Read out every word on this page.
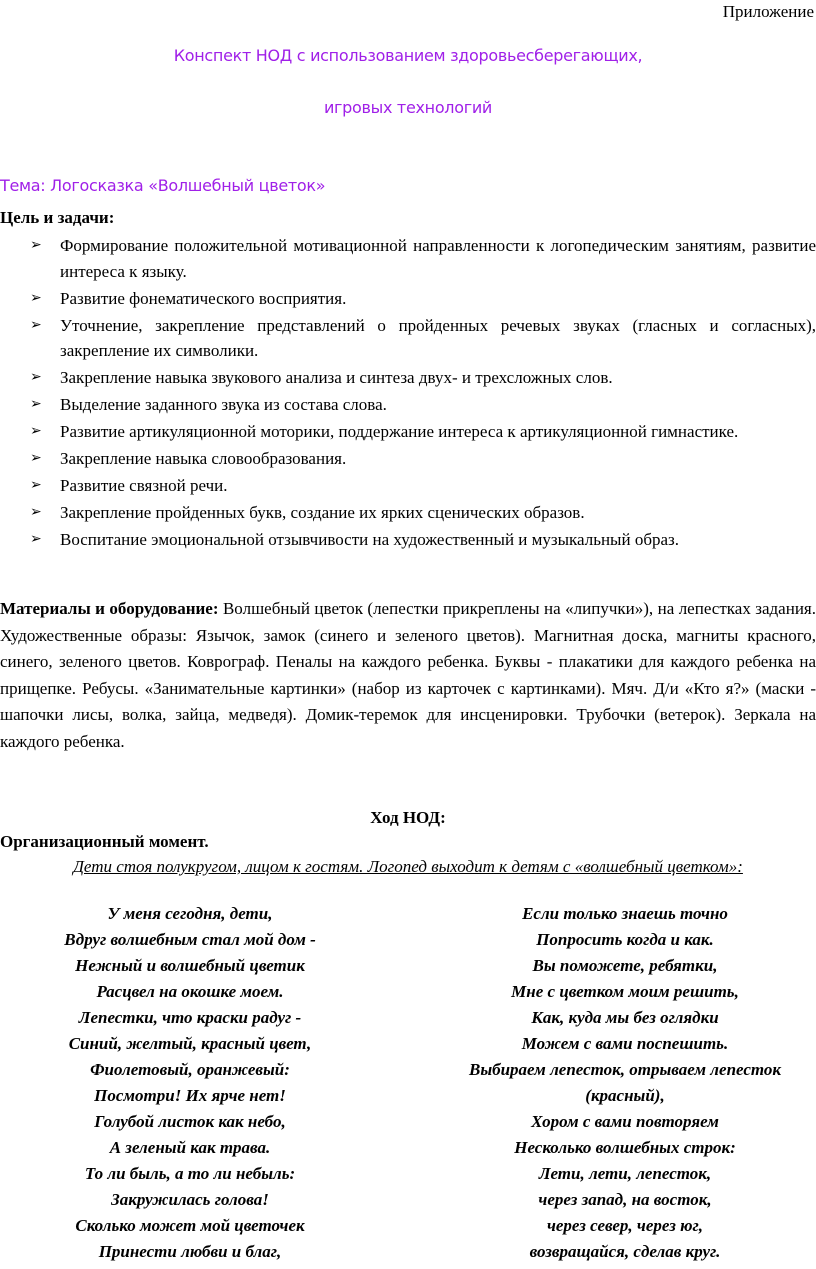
Приложение
Конспект НОД с использованием здоровьесберегающих,
игровых технологий
Тема: Логосказка «Волшебный цветок»
Цель и задачи:
➢ Формирование положительной мотивационной направленности к логопедическим занятиям, развитие интереса к языку.
➢ Развитие фонематического восприятия.
➢ Уточнение, закрепление представлений о пройденных речевых звуках (гласных и согласных), закрепление их символики.
➢ Закрепление навыка звукового анализа и синтеза двух- и трехсложных слов.
➢ Выделение заданного звука из состава слова.
➢ Развитие артикуляционной моторики, поддержание интереса к артикуляционной гимнастике.
➢ Закрепление навыка словообразования.
➢ Развитие связной речи.
➢ Закрепление пройденных букв, создание их ярких сценических образов.
➢ Воспитание эмоциональной отзывчивости на художественный и музыкальный образ.
Материалы и оборудование: Волшебный цветок (лепестки прикреплены на «липучки»), на лепестках задания. Художественные образы: Язычок, замок (синего и зеленого цветов). Магнитная доска, магниты красного, синего, зеленого цветов. Коврограф. Пеналы на каждого ребенка. Буквы - плакатики для каждого ребенка на прищепке. Ребусы. «Занимательные картинки» (набор из карточек с картинками). Мяч. Д/и «Кто я?» (маски - шапочки лисы, волка, зайца, медведя). Домик-теремок для инсценировки. Трубочки (ветерок). Зеркала на каждого ребенка.
Ход НОД:
Организационный момент.
Дети стоя полукругом, лицом к гостям. Логопед выходит к детям с «волшебный цветком»:
У меня сегодня, дети,
Вдруг волшебным стал мой дом -
Нежный и волшебный цветик
Расцвел на окошке моем.
Лепестки, что краски радуг -
Синий, желтый, красный цвет,
Фиолетовый, оранжевый:
Посмотри! Их ярче нет!
Голубой листок как небо,
А зеленый как трава.
То ли быль, а то ли небыль:
Закружилась голова!
Сколько может мой цветочек
Принести любви и благ,
Если только знаешь точно
Попросить когда и как.
Вы поможете, ребятки,
Мне с цветком моим решить,
Как, куда мы без оглядки
Можем с вами поспешить.
Выбираем лепесток, отрываем лепесток
(красный),
Хором с вами повторяем
Несколько волшебных строк:
Лети, лети, лепесток,
через запад, на восток,
через север, через юг,
возвращайся, сделав круг.
